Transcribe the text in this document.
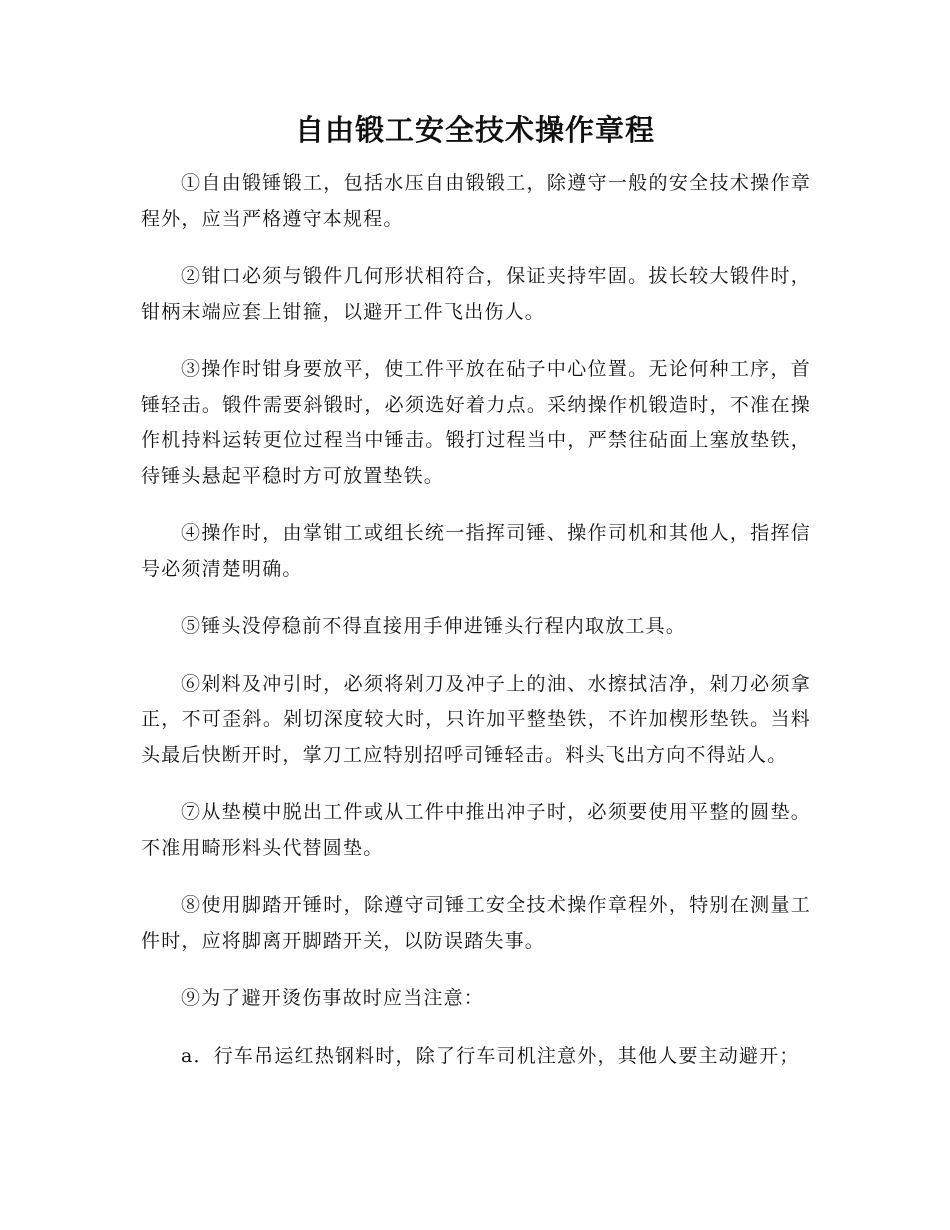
自由锻工安全技术操作章程

①自由锻锤锻工，包括水压自由锻锻工，除遵守一般的安全技术操作章程外，应当严格遵守本规程。

②钳口必须与锻件几何形状相符合，保证夹持牢固。拔长较大锻件时，钳柄末端应套上钳箍，以避开工件飞出伤人。

③操作时钳身要放平，使工件平放在砧子中心位置。无论何种工序，首锤轻击。锻件需要斜锻时，必须选好着力点。采纳操作机锻造时，不准在操作机持料运转更位过程当中锤击。锻打过程当中，严禁往砧面上塞放垫铁，待锤头悬起平稳时方可放置垫铁。

④操作时，由掌钳工或组长统一指挥司锤、操作司机和其他人，指挥信号必须清楚明确。

⑤锤头没停稳前不得直接用手伸进锤头行程内取放工具。

⑥剁料及冲引时，必须将剁刀及冲子上的油、水擦拭洁净，剁刀必须拿正，不可歪斜。剁切深度较大时，只许加平整垫铁，不许加楔形垫铁。当料头最后快断开时，掌刀工应特别招呼司锤轻击。料头飞出方向不得站人。

⑦从垫模中脱出工件或从工件中推出冲子时，必须要使用平整的圆垫。不准用畸形料头代替圆垫。

⑧使用脚踏开锤时，除遵守司锤工安全技术操作章程外，特别在测量工件时，应将脚离开脚踏开关，以防误踏失事。

⑨为了避开烫伤事故时应当注意：

a．行车吊运红热钢料时，除了行车司机注意外，其他人要主动避开；
